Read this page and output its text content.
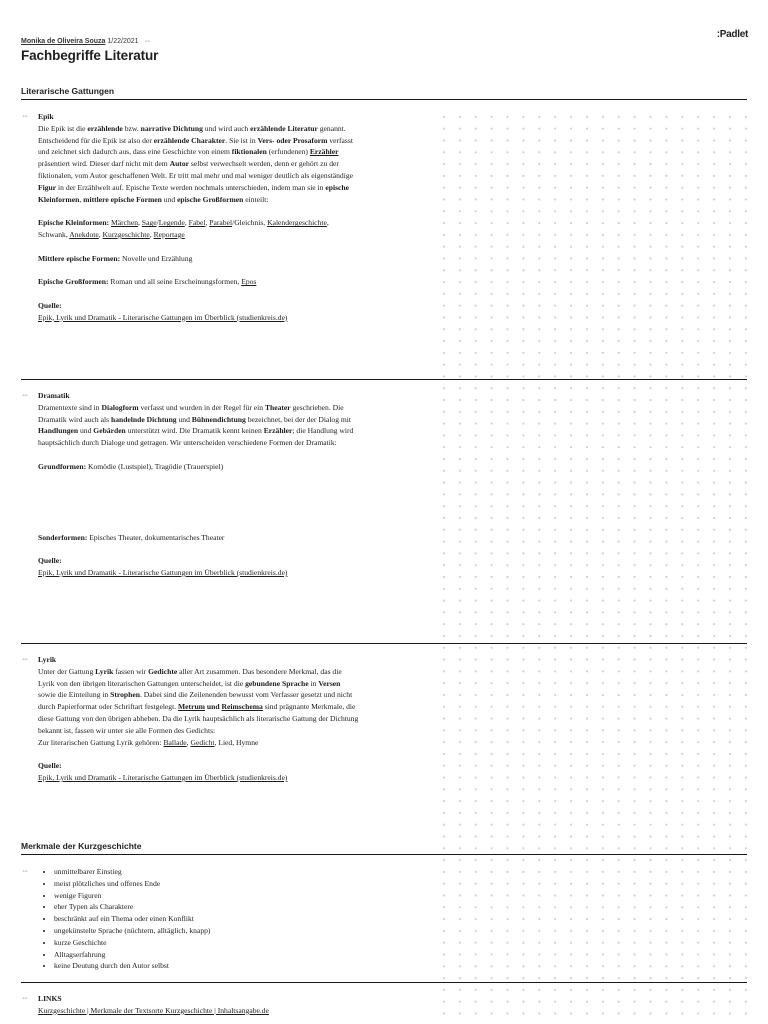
Monika de Oliveira Souza 1/22/2021 ⇔
Fachbegriffe Literatur
:Padlet
Literarische Gattungen
⇔ Epik

Die Epik ist die erzählende bzw. narrative Dichtung und wird auch erzählende Literatur genannt. Entscheidend für die Epik ist also der erzählende Charakter. Sie ist in Vers- oder Prosaform verfasst und zeichnet sich dadurch aus, dass eine Geschichte von einem fiktionalen (erfundenen) Erzähler präsentiert wird. Dieser darf nicht mit dem Autor selbst verwechselt werden, denn er gehört zu der fiktionalen, vom Autor geschaffenen Welt. Er tritt mal mehr und mal weniger deutlich als eigenständige Figur in der Erzählwelt auf. Epische Texte werden nochmals unterschieden, indem man sie in epische Kleinformen, mittlere epische Formen und epische Großformen einteilt:

Epische Kleinformen: Märchen, Sage/Legende, Fabel, Parabel/Gleichnis, Kalendergeschichte, Schwank, Anekdote, Kurzgeschichte, Reportage

Mittlere epische Formen: Novelle und Erzählung

Epische Großformen: Roman und all seine Erscheinungsformen, Epos

Quelle:
Epik, Lyrik und Dramatik - Literarische Gattungen im Überblick (studienkreis.de)
⇔ Dramatik

Dramentexte sind in Dialogform verfasst und wurden in der Regel für ein Theater geschrieben. Die Dramatik wird auch als handelnde Dichtung und Bühnendichtung bezeichnet, bei der der Dialog mit Handlungen und Gebärden unterstützt wird. Die Dramatik kennt keinen Erzähler; die Handlung wird hauptsächlich durch Dialoge und getragen. Wir unterscheiden verschiedene Formen der Dramatik:

Grundformen: Komödie (Lustspiel), Tragödie (Trauerspiel)

Sonderformen: Episches Theater, dokumentarisches Theater

Quelle:
Epik, Lyrik und Dramatik - Literarische Gattungen im Überblick (studienkreis.de)
⇔ Lyrik

Unter der Gattung Lyrik fassen wir Gedichte aller Art zusammen. Das besondere Merkmal, das die Lyrik von den übrigen literarischen Gattungen unterscheidet, ist die gebundene Sprache in Versen sowie die Einteilung in Strophen. Dabei sind die Zeilenenden bewusst vom Verfasser gesetzt und nicht durch Papierformat oder Schriftart festgelegt. Metrum und Reimschema sind prägnante Merkmale, die diese Gattung von den übrigen abheben. Da die Lyrik hauptsächlich als literarische Gattung der Dichtung bekannt ist, fassen wir unter sie alle Formen des Gedichts:

Zur literarischen Gattung Lyrik gehören: Ballade, Gedicht, Lied, Hymne

Quelle:
Epik, Lyrik und Dramatik - Literarische Gattungen im Überblick (studienkreis.de)
Merkmale der Kurzgeschichte
⇔
•	unmittelbarer Einstieg
• meist plötzliches und offenes Ende
• wenige Figuren
• eher Typen als Charaktere
• beschränkt auf ein Thema oder einen Konflikt
• ungekünstelte Sprache (nüchtern, alltäglich, knapp)
• kurze Geschichte
• Alltagserfahrung
• keine Deutung durch den Autor selbst
⇔ LINKS
Kurzgeschichte | Merkmale der Textsorte Kurzgeschichte | Inhaltsangabe.de
